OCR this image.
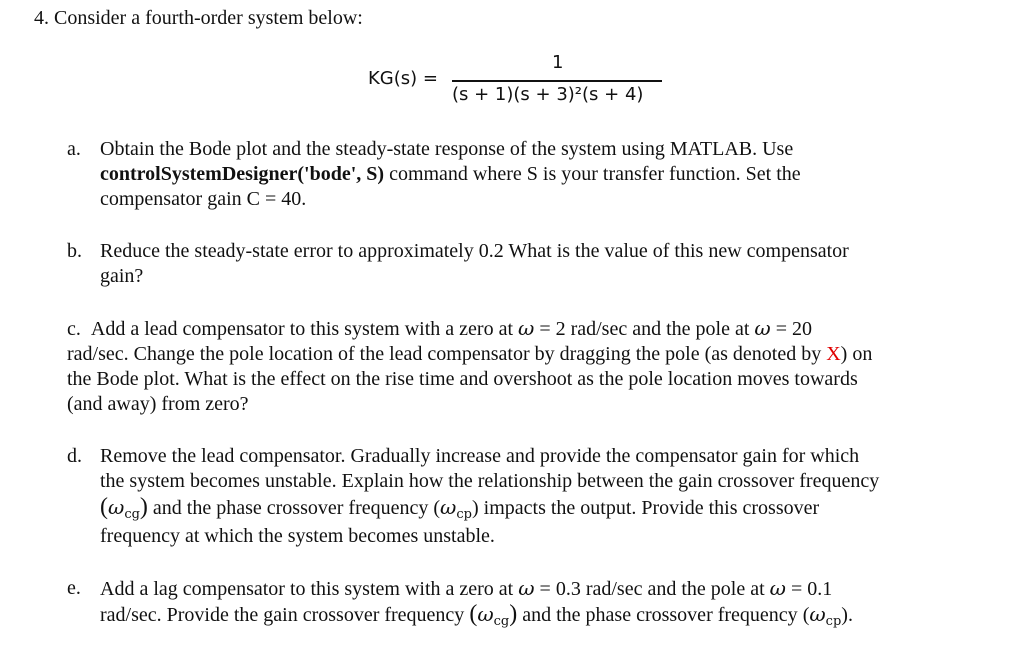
4. Consider a fourth-order system below:
KG(s) =
1
(s + 1)(s + 3)²(s + 4)
a. Obtain the Bode plot and the steady-state response of the system using MATLAB. Use
controlSystemDesigner('bode', S) command where S is your transfer function. Set the
compensator gain C = 40.
b. Reduce the steady-state error to approximately 0.2 What is the value of this new compensator
gain?
c. Add a lead compensator to this system with a zero at ω = 2 rad/sec and the pole at ω = 20
rad/sec. Change the pole location of the lead compensator by dragging the pole (as denoted by X) on
the Bode plot. What is the effect on the rise time and overshoot as the pole location moves towards
(and away) from zero?
d. Remove the lead compensator. Gradually increase and provide the compensator gain for which
the system becomes unstable. Explain how the relationship between the gain crossover frequency
$(\omega_{cg})$ and the phase crossover frequency $(\omega_{cp})$ impacts the output. Provide this crossover
frequency at which the system becomes unstable.
e. Add a lag compensator to this system with a zero at ω = 0.3 rad/sec and the pole at ω = 0.1
rad/sec. Provide the gain crossover frequency $(\omega_{cg})$ and the phase crossover frequency $(\omega_{cp})$.
